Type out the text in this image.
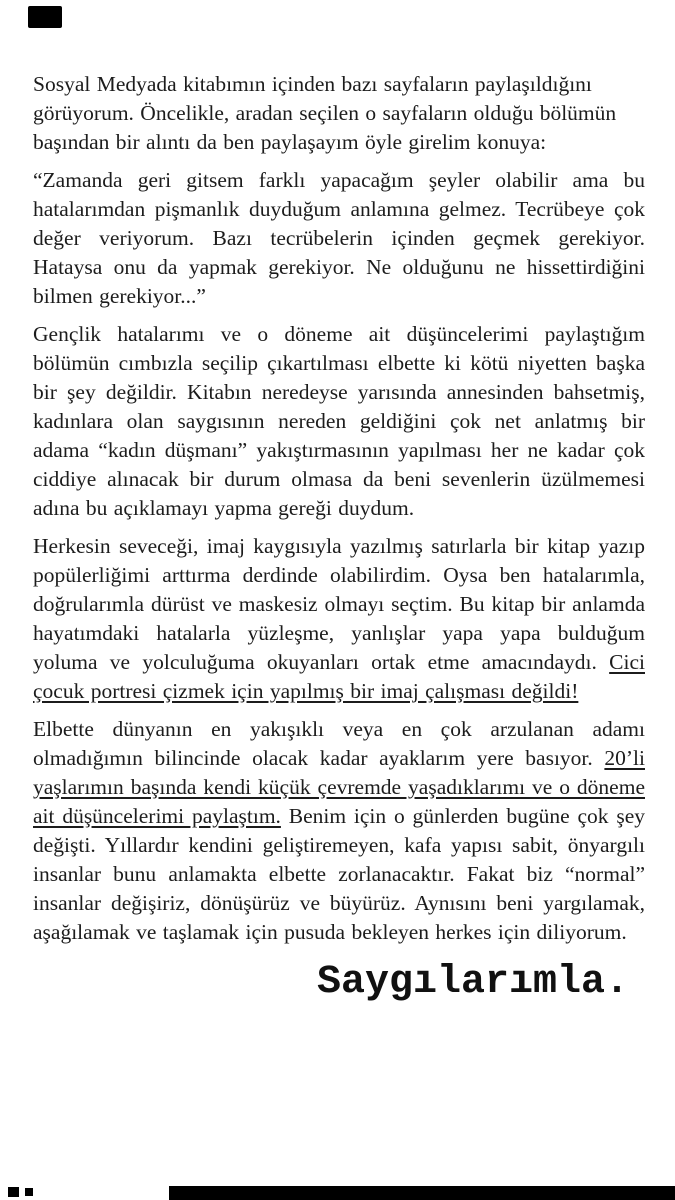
Sosyal Medyada kitabımın içinden bazı sayfaların paylaşıldığını görüyorum. Öncelikle, aradan seçilen o sayfaların olduğu bölümün başından bir alıntı da ben paylaşayım öyle girelim konuya:

“Zamanda geri gitsem farklı yapacağım şeyler olabilir ama bu hatalarımdan pişmanlık duyduğum anlamına gelmez. Tecrübeye çok değer veriyorum. Bazı tecrübelerin içinden geçmek gerekiyor. Hataysa onu da yapmak gerekiyor. Ne olduğunu ne hissettirdiğini bilmen gerekiyor...”

Gençlik hatalarımı ve o döneme ait düşüncelerimi paylaştığım bölümün cımbızla seçilip çıkartılması elbette ki kötü niyetten başka bir şey değildir. Kitabın neredeyse yarısında annesinden bahsetmiş, kadınlara olan saygısının nereden geldiğini çok net anlatmış bir adama “kadın düşmanı” yakıştırmasının yapılması her ne kadar çok ciddiye alınacak bir durum olmasa da beni sevenlerin üzülmemesi adına bu açıklamayı yapma gereği duydum.

Herkesin seveceği, imaj kaygısıyla yazılmış satırlarla bir kitap yazıp popülerliğimi arttırma derdinde olabilirdim. Oysa ben hatalarımla, doğrularımla dürüst ve maskesiz olmayı seçtim. Bu kitap bir anlamda hayatımdaki hatalarla yüzleşme, yanlışlar yapa yapa bulduğum yoluma ve yolculuğuma okuyanları ortak etme amacındaydı. Cici çocuk portresi çizmek için yapılmış bir imaj çalışması değildi!

Elbette dünyanın en yakışıklı veya en çok arzulanan adamı olmadığımın bilincinde olacak kadar ayaklarım yere basıyor. 20’li yaşlarımın başında kendi küçük çevremde yaşadıklarımı ve o döneme ait düşüncelerimi paylaştım. Benim için o günlerden bugüne çok şey değişti. Yıllardır kendini geliştiremeyen, kafa yapısı sabit, önyargılı insanlar bunu anlamakta elbette zorlanacaktır. Fakat biz “normal” insanlar değişiriz, dönüşürüz ve büyürüz. Aynısını beni yargılamak, aşağılamak ve taşlamak için pusuda bekleyen herkes için diliyorum.

Saygılarımla.
